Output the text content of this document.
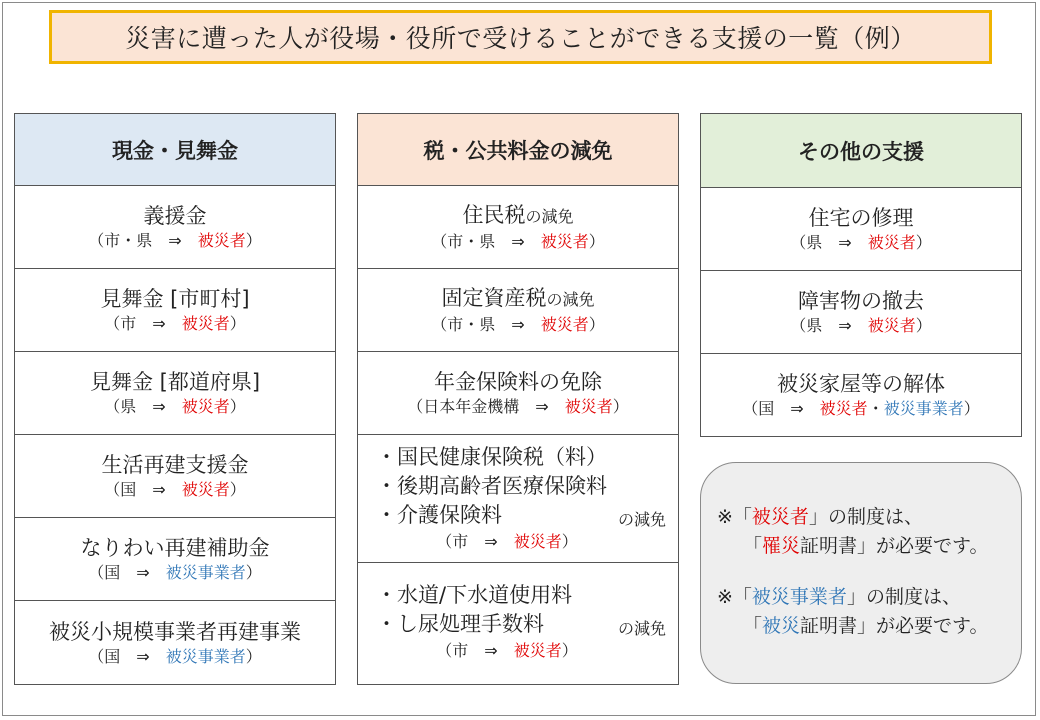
災害に遭った人が役場・役所で受けることができる支援の一覧（例）
現金・見舞金
義援金
（市・県　⇒　被災者）
見舞金 [市町村]
（市　⇒　被災者）
見舞金 [都道府県]
（県　⇒　被災者）
生活再建支援金
（国　⇒　被災者）
なりわい再建補助金
（国　⇒　被災事業者）
被災小規模事業者再建事業
（国　⇒　被災事業者）
税・公共料金の減免
住民税の減免
（市・県　⇒　被災者）
固定資産税の減免
（市・県　⇒　被災者）
年金保険料の免除
（日本年金機構　⇒　被災者）
・国民健康保険税（料）
・後期高齢者医療保険料
・介護保険料	の減免
（市　⇒　被災者）
・水道/下水道使用料
・し尿処理手数料	の減免
（市　⇒　被災者）
その他の支援
住宅の修理
（県　⇒　被災者）
障害物の撤去
（県　⇒　被災者）
被災家屋等の解体
（国　⇒　被災者・被災事業者）
※「被災者」の制度は、
「罹災証明書」が必要です。
※「被災事業者」の制度は、
「被災証明書」が必要です。
